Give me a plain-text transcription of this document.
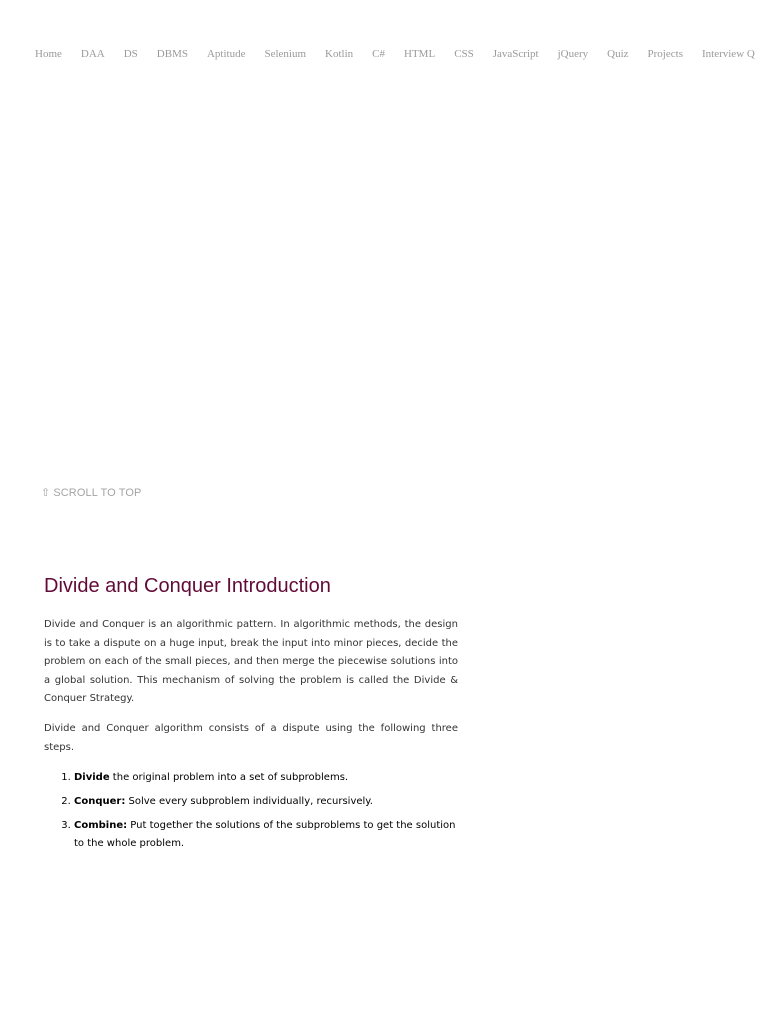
Home DAA DS DBMS Aptitude Selenium Kotlin C# HTML CSS JavaScript jQuery Quiz Projects Interview Q
⇧ SCROLL TO TOP
Divide and Conquer Introduction

Divide and Conquer is an algorithmic pattern. In algorithmic methods, the design is to take a dispute on a huge input, break the input into minor pieces, decide the problem on each of the small pieces, and then merge the piecewise solutions into a global solution. This mechanism of solving the problem is called the Divide & Conquer Strategy.

Divide and Conquer algorithm consists of a dispute using the following three steps.

1. Divide the original problem into a set of subproblems.
2. Conquer: Solve every subproblem individually, recursively.
3. Combine: Put together the solutions of the subproblems to get the solution to the whole problem.
